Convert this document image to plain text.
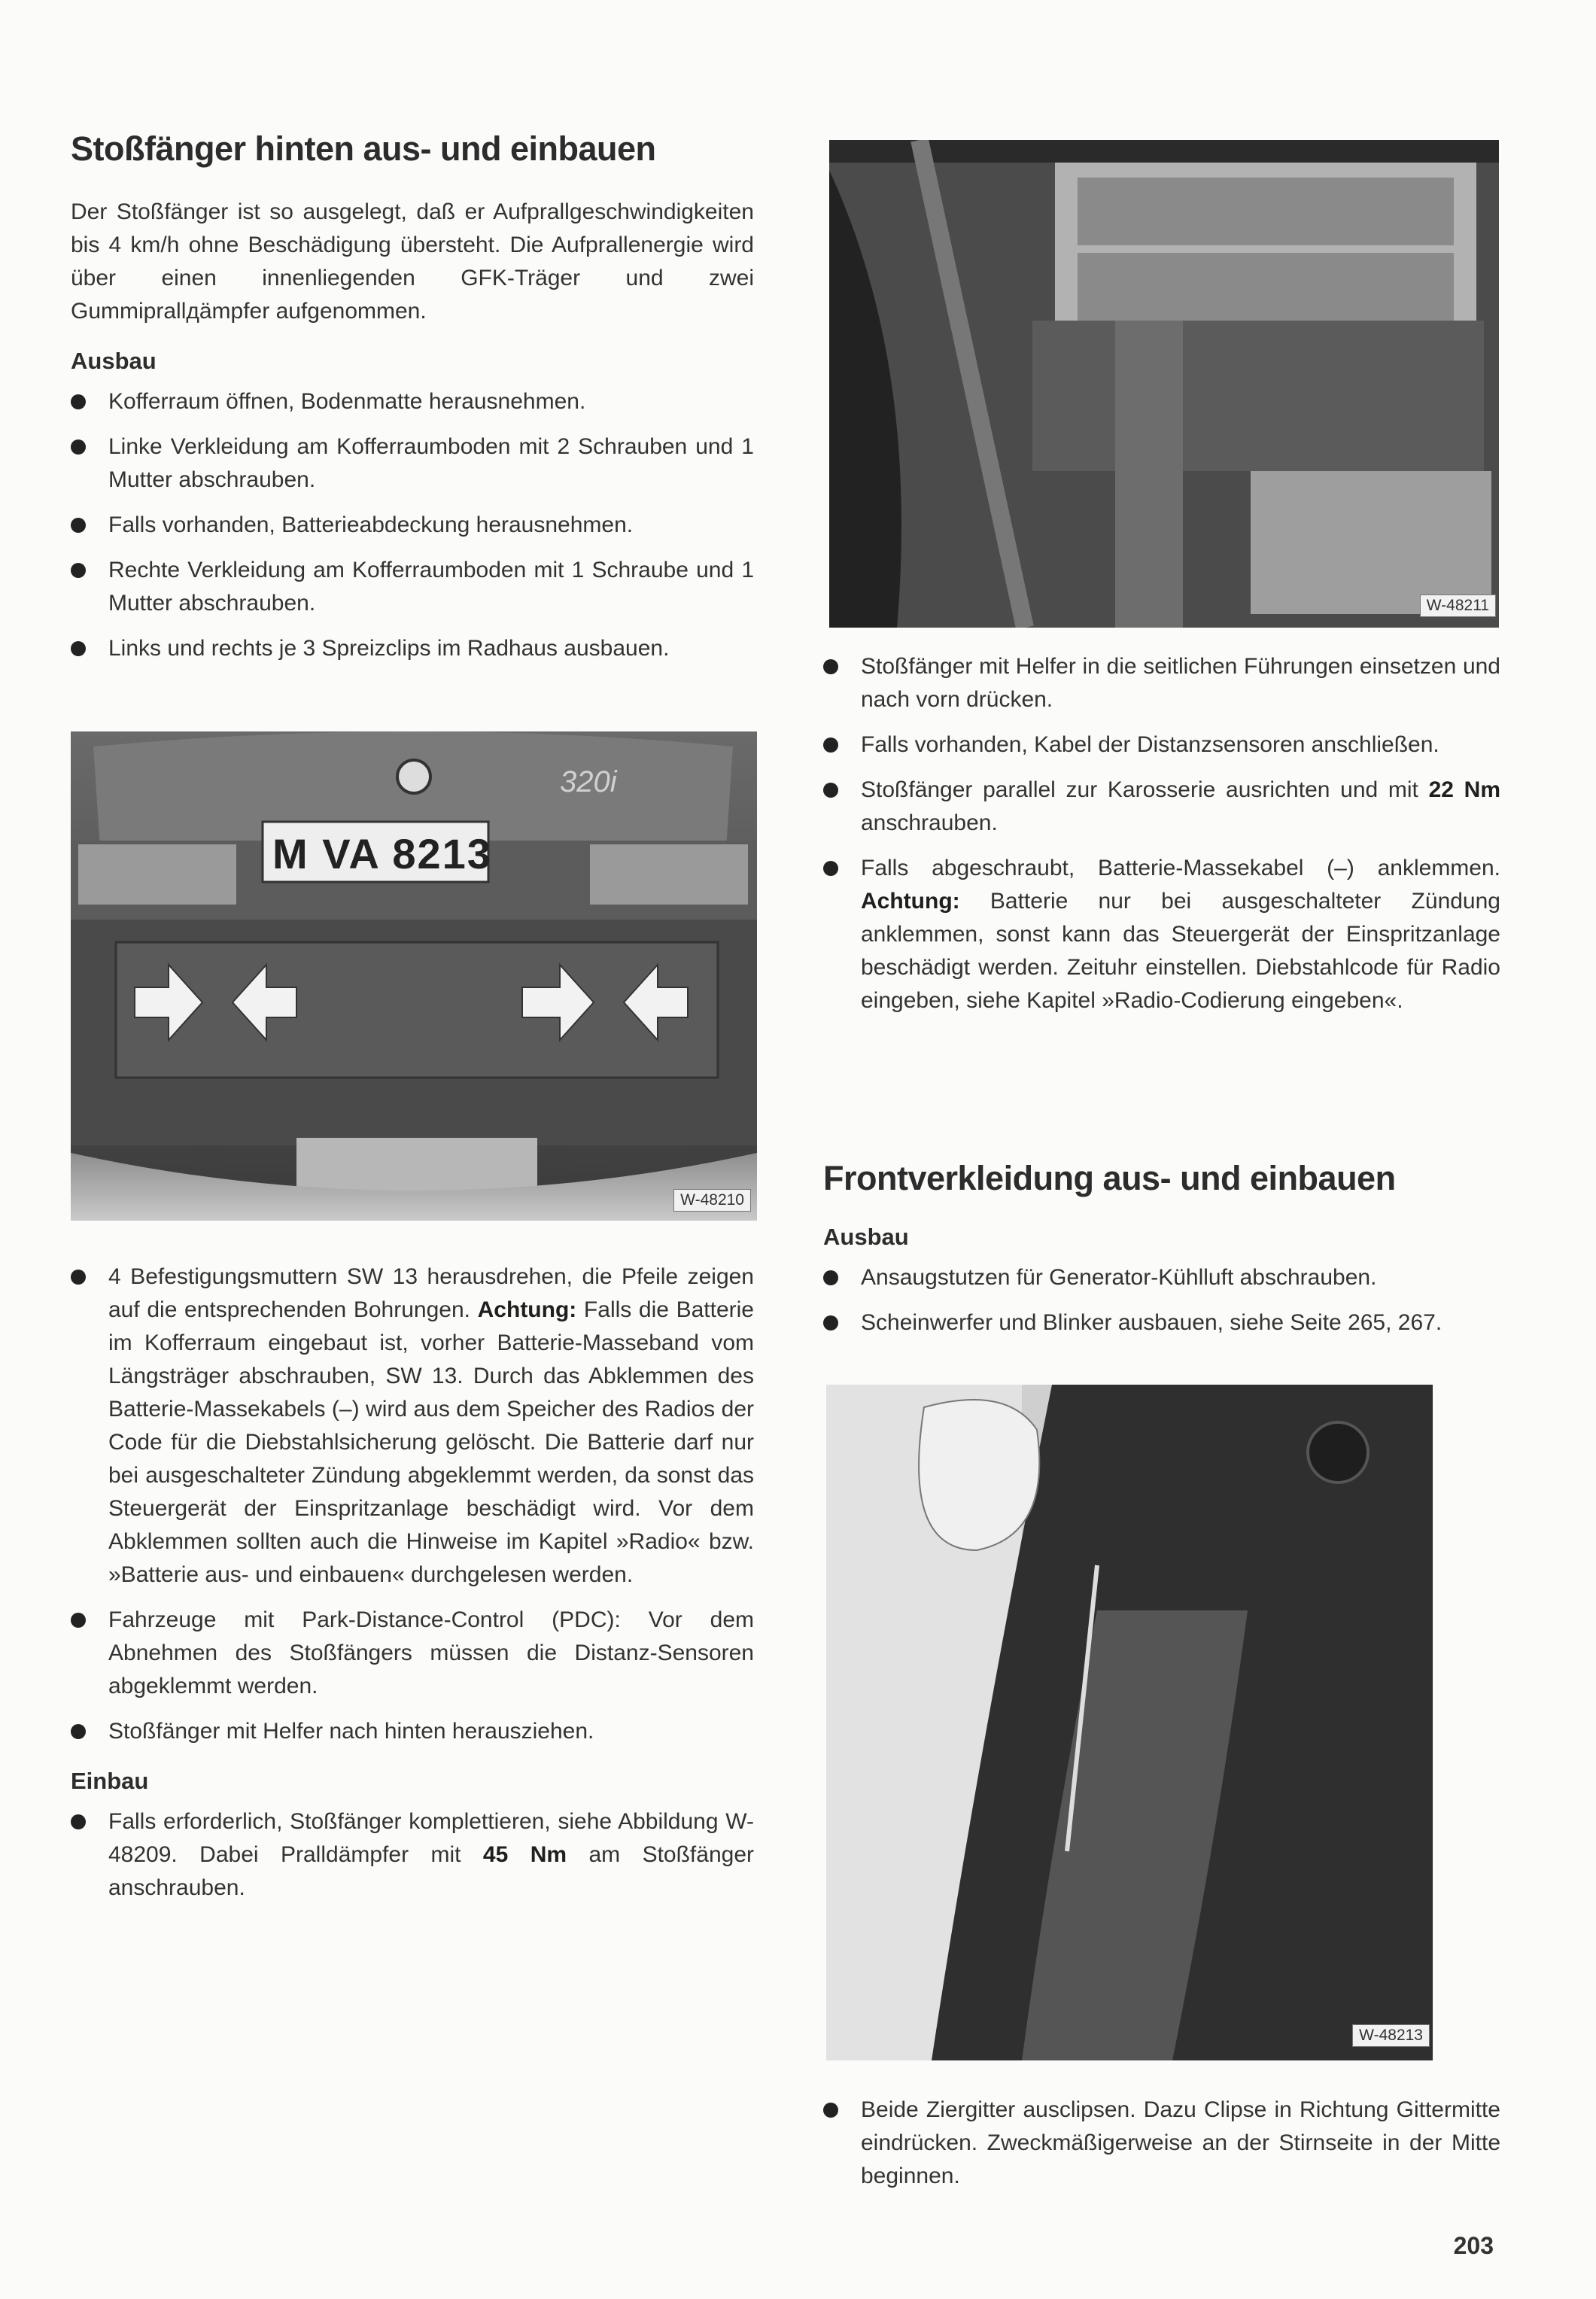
Stoßfänger hinten aus- und einbauen

Der Stoßfänger ist so ausgelegt, daß er Aufprallgeschwindigkeiten bis 4 km/h ohne Beschädigung übersteht. Die Aufprallenergie wird über einen innenliegenden GFK-Träger und zwei Gummiprallдämpfer aufgenommen.

Ausbau

Kofferraum öffnen, Bodenmatte herausnehmen.
Linke Verkleidung am Kofferraumboden mit 2 Schrauben und 1 Mutter abschrauben.
Falls vorhanden, Batterieabdeckung herausnehmen.
Rechte Verkleidung am Kofferraumboden mit 1 Schraube und 1 Mutter abschrauben.
Links und rechts je 3 Spreizclips im Radhaus ausbauen.
M VA 8213
320i
W-48210
4 Befestigungsmuttern SW 13 herausdrehen, die Pfeile zeigen auf die entsprechenden Bohrungen. Achtung: Falls die Batterie im Kofferraum eingebaut ist, vorher Batterie-Masseband vom Längsträger abschrauben, SW 13. Durch das Abklemmen des Batterie-Massekabels (–) wird aus dem Speicher des Radios der Code für die Diebstahlsicherung gelöscht. Die Batterie darf nur bei ausgeschalteter Zündung abgeklemmt werden, da sonst das Steuergerät der Einspritzanlage beschädigt wird. Vor dem Abklemmen sollten auch die Hinweise im Kapitel »Radio« bzw. »Batterie aus- und einbauen« durchgelesen werden.
Fahrzeuge mit Park-Distance-Control (PDC): Vor dem Abnehmen des Stoßfängers müssen die Distanz-Sensoren abgeklemmt werden.
Stoßfänger mit Helfer nach hinten herausziehen.

Einbau

Falls erforderlich, Stoßfänger komplettieren, siehe Abbildung W-48209. Dabei Pralldämpfer mit 45 Nm am Stoßfänger anschrauben.
W-48211
Stoßfänger mit Helfer in die seitlichen Führungen einsetzen und nach vorn drücken.
Falls vorhanden, Kabel der Distanzsensoren anschließen.
Stoßfänger parallel zur Karosserie ausrichten und mit 22 Nm anschrauben.
Falls abgeschraubt, Batterie-Massekabel (–) anklemmen. Achtung: Batterie nur bei ausgeschalteter Zündung anklemmen, sonst kann das Steuergerät der Einspritzanlage beschädigt werden. Zeituhr einstellen. Diebstahlcode für Radio eingeben, siehe Kapitel »Radio-Codierung eingeben«.
Frontverkleidung aus- und einbauen

Ausbau

Ansaugstutzen für Generator-Kühlluft abschrauben.
Scheinwerfer und Blinker ausbauen, siehe Seite 265, 267.
W-48213
Beide Ziergitter ausclipsen. Dazu Clipse in Richtung Gittermitte eindrücken. Zweckmäßigerweise an der Stirnseite in der Mitte beginnen.
203
